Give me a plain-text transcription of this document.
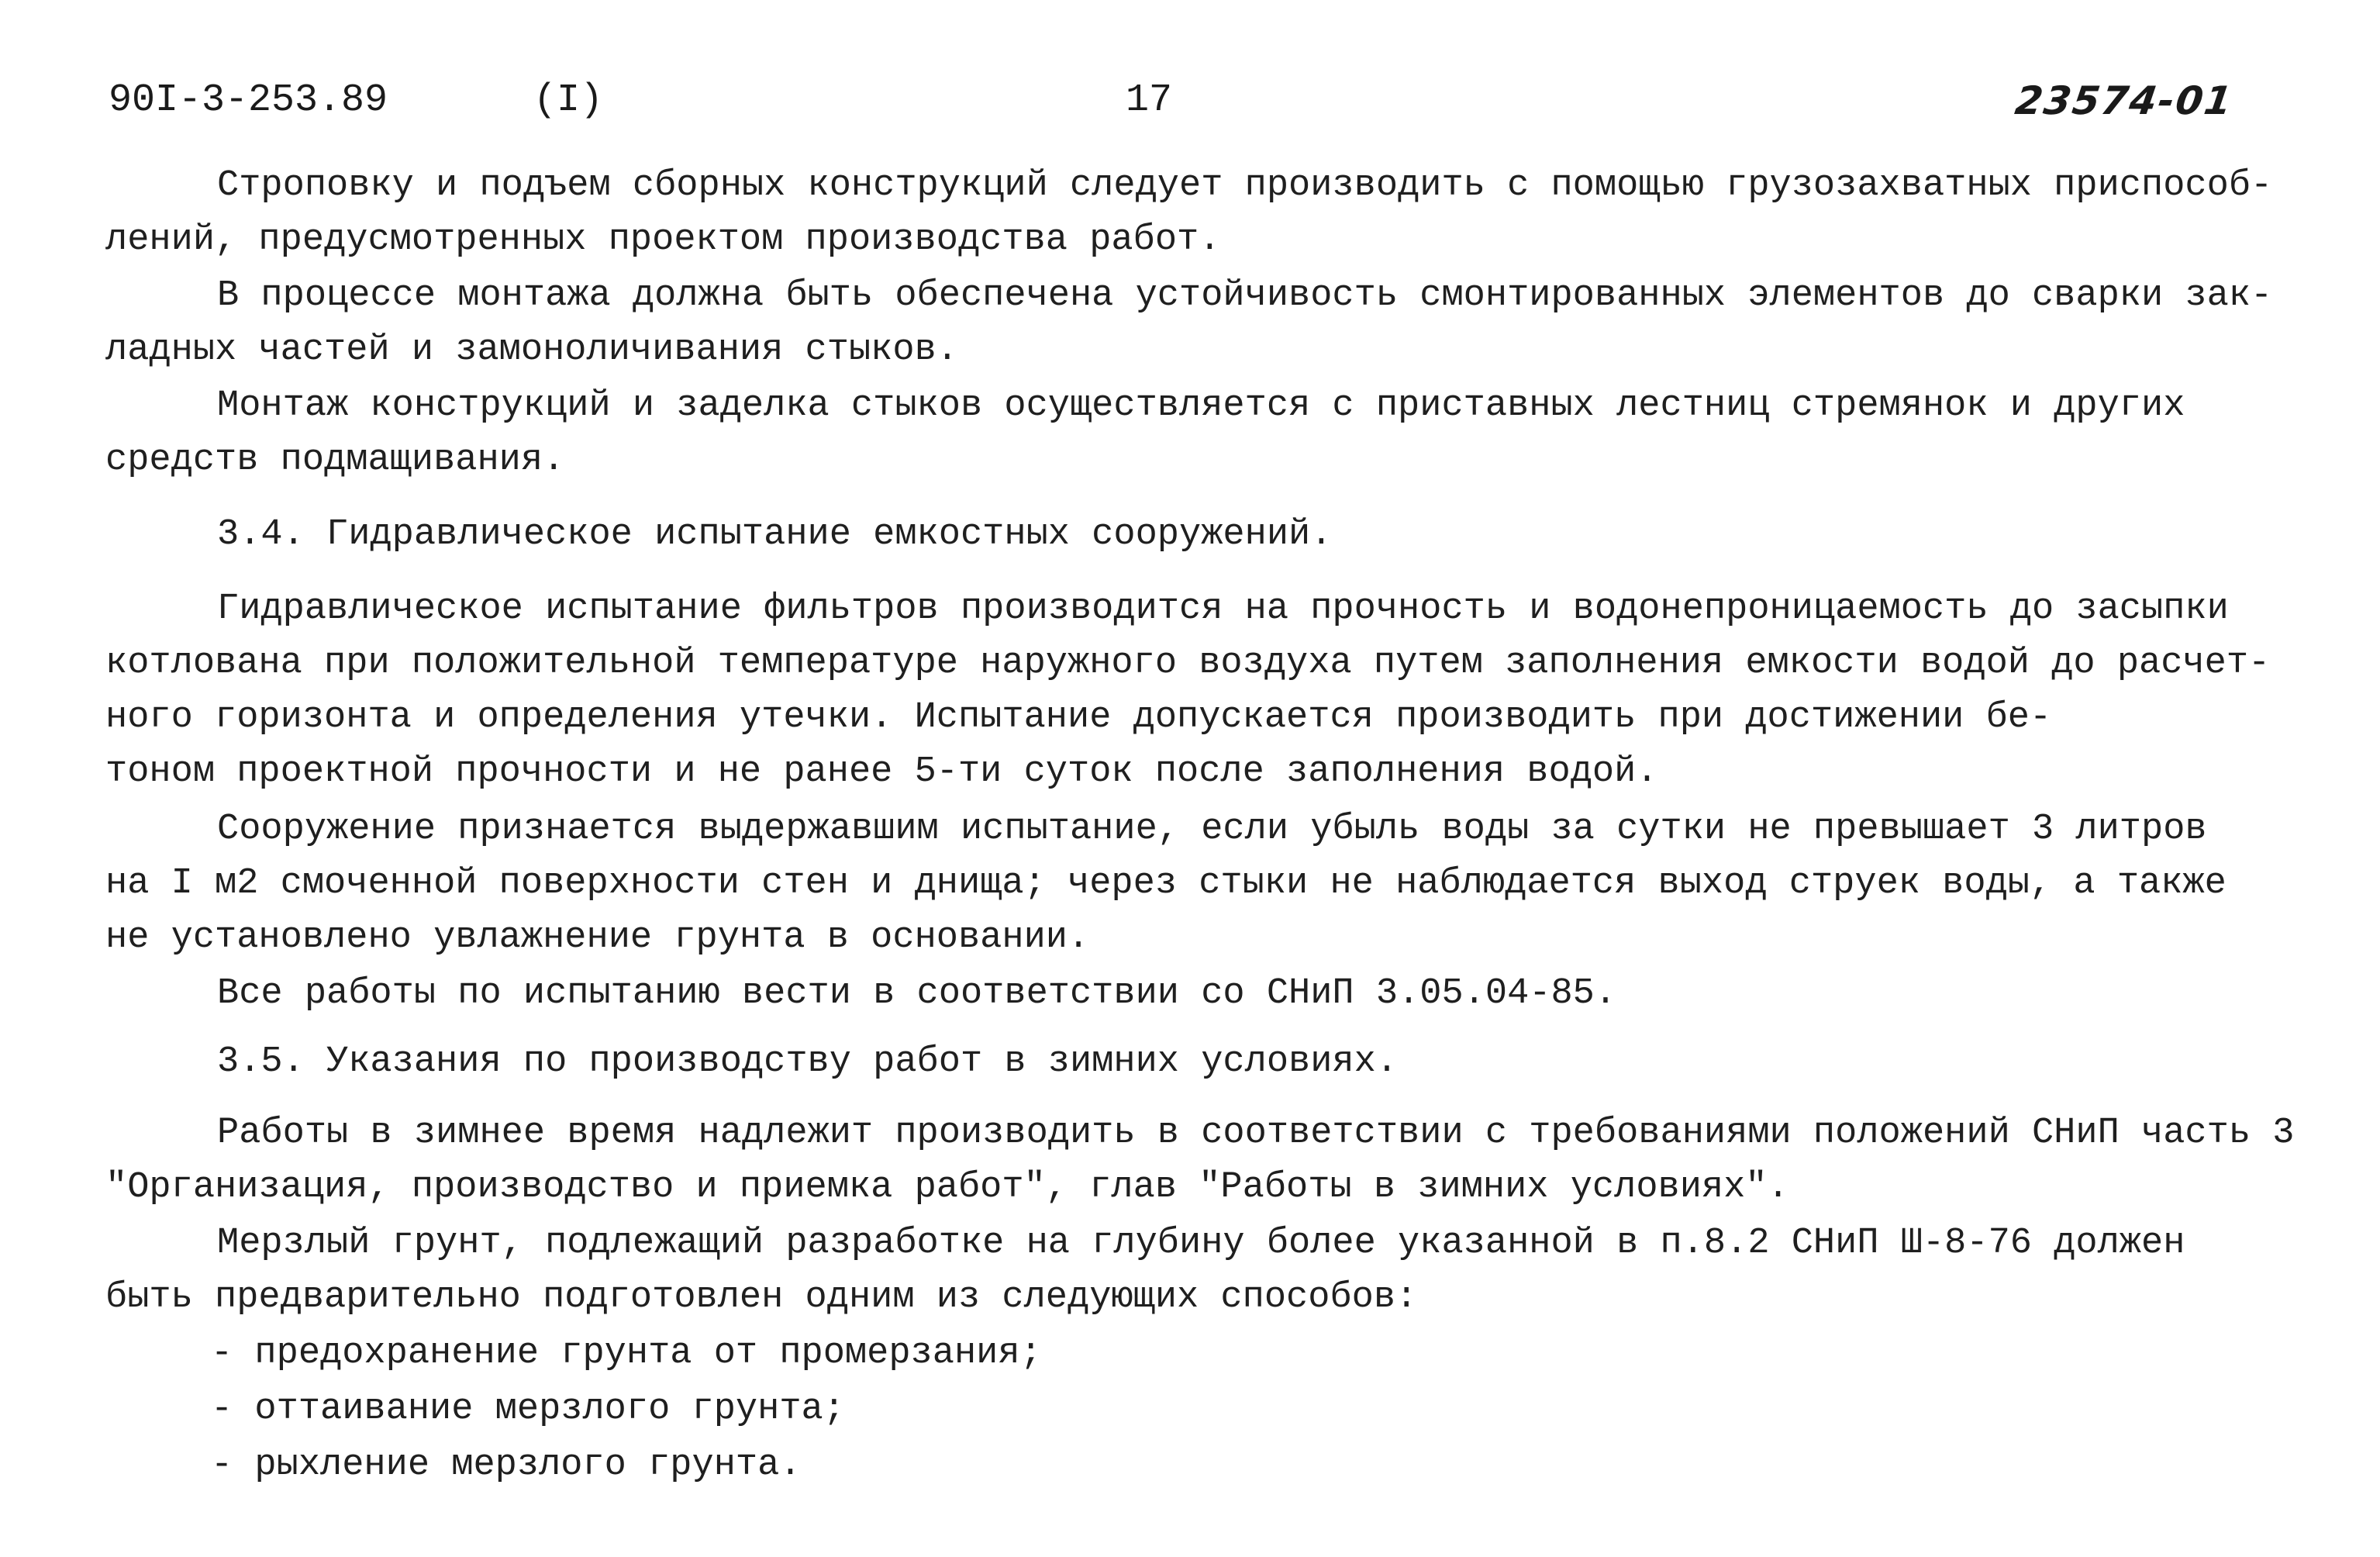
90I-3-253.89	(I)	17	23574-01
Строповку и подъем сборных конструкций следует производить с помощью грузозахватных приспособ-
лений, предусмотренных проектом производства работ.
В процессе монтажа должна быть обеспечена устойчивость смонтированных элементов до сварки зак-
ладных частей и замоноличивания стыков.
Монтаж конструкций и заделка стыков осуществляется с приставных лестниц стремянок и других
средств подмащивания.
3.4. Гидравлическое испытание емкостных сооружений.
Гидравлическое испытание фильтров производится на прочность и водонепроницаемость до засыпки
котлована при положительной температуре наружного воздуха путем заполнения емкости водой до расчет-
ного горизонта и определения утечки. Испытание допускается производить при достижении бе-
тоном проектной прочности и не ранее 5-ти суток после заполнения водой.
Сооружение признается выдержавшим испытание, если убыль воды за сутки не превышает 3 литров
на I м2 смоченной поверхности стен и днища; через стыки не наблюдается выход струек воды, а также
не установлено увлажнение грунта в основании.
Все работы по испытанию вести в соответствии со СНиП 3.05.04-85.
3.5. Указания по производству работ в зимних условиях.
Работы в зимнее время надлежит производить в соответствии с требованиями положений СНиП часть 3
"Организация, производство и приемка работ", глав "Работы в зимних условиях".
Мерзлый грунт, подлежащий разработке на глубину более указанной в п.8.2 СНиП Ш-8-76 должен
быть предварительно подготовлен одним из следующих способов:
- предохранение грунта от промерзания;
- оттаивание мерзлого грунта;
- рыхление мерзлого грунта.
